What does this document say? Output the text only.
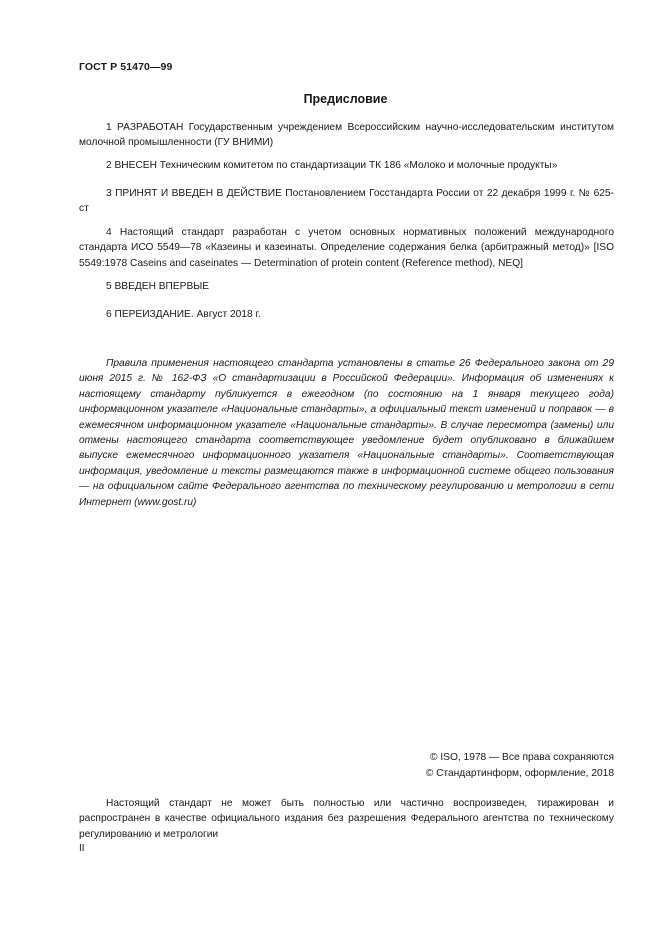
ГОСТ Р 51470—99
Предисловие
1 РАЗРАБОТАН Государственным учреждением Всероссийским научно-исследовательским институтом молочной промышленности (ГУ ВНИМИ)
2 ВНЕСЕН Техническим комитетом по стандартизации ТК 186 «Молоко и молочные продукты»
3 ПРИНЯТ И ВВЕДЕН В ДЕЙСТВИЕ Постановлением Госстандарта России от 22 декабря 1999 г. № 625-ст
4 Настоящий стандарт разработан с учетом основных нормативных положений международного стандарта ИСО 5549—78 «Казеины и казеинаты. Определение содержания белка (арбитражный метод)» [ISO 5549:1978 Caseins and caseinates — Determination of protein content (Reference method), NEQ]
5 ВВЕДЕН ВПЕРВЫЕ
6 ПЕРЕИЗДАНИЕ. Август 2018 г.
Правила применения настоящего стандарта установлены в статье 26 Федерального закона от 29 июня 2015 г. № 162-ФЗ «О стандартизации в Российской Федерации». Информация об изменениях к настоящему стандарту публикуется в ежегодном (по состоянию на 1 января текущего года) информационном указателе «Национальные стандарты», а официальный текст изменений и поправок — в ежемесячном информационном указателе «Национальные стандарты». В случае пересмотра (замены) или отмены настоящего стандарта соответствующее уведомление будет опубликовано в ближайшем выпуске ежемесячного информационного указателя «Национальные стандарты». Соответствующая информация, уведомление и тексты размещаются также в информационной системе общего пользования — на официальном сайте Федерального агентства по техническому регулированию и метрологии в сети Интернет (www.gost.ru)
© ISO, 1978 — Все права сохраняются
© Стандартинформ, оформление, 2018
Настоящий стандарт не может быть полностью или частично воспроизведен, тиражирован и распространен в качестве официального издания без разрешения Федерального агентства по техническому регулированию и метрологии
II
